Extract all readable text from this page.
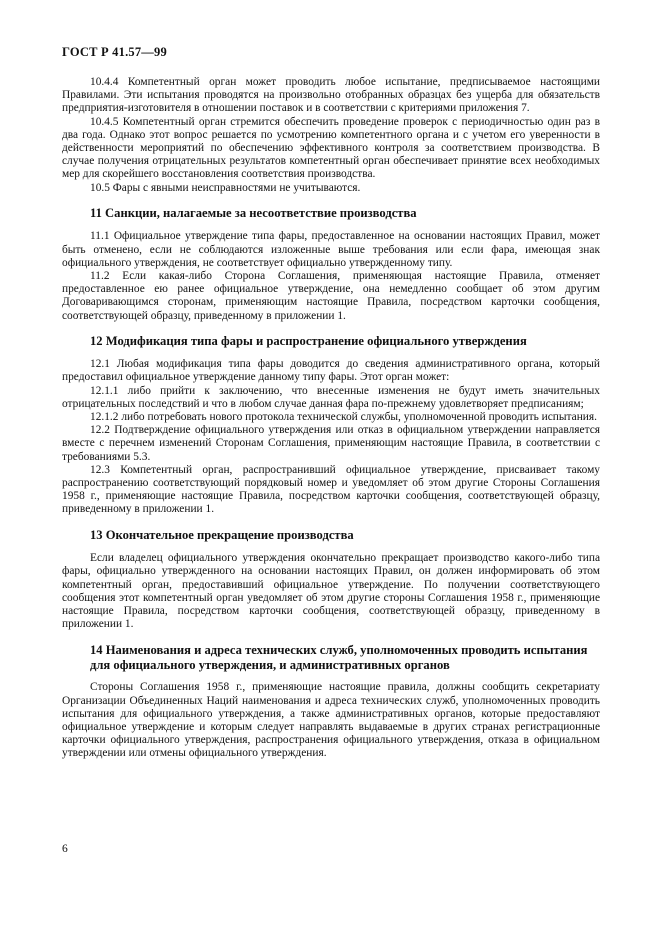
ГОСТ Р 41.57—99

10.4.4 Компетентный орган может проводить любое испытание, предписываемое настоящими Правилами. Эти испытания проводятся на произвольно отобранных образцах без ущерба для обязательств предприятия-изготовителя в отношении поставок и в соответствии с критериями приложения 7.

10.4.5 Компетентный орган стремится обеспечить проведение проверок с периодичностью один раз в два года. Однако этот вопрос решается по усмотрению компетентного органа и с учетом его уверенности в действенности мероприятий по обеспечению эффективного контроля за соответствием производства. В случае получения отрицательных результатов компетентный орган обеспечивает принятие всех необходимых мер для скорейшего восстановления соответствия производства.

10.5 Фары с явными неисправностями не учитываются.

11 Санкции, налагаемые за несоответствие производства

11.1 Официальное утверждение типа фары, предоставленное на основании настоящих Правил, может быть отменено, если не соблюдаются изложенные выше требования или если фара, имеющая знак официального утверждения, не соответствует официально утвержденному типу.

11.2 Если какая-либо Сторона Соглашения, применяющая настоящие Правила, отменяет предоставленное ею ранее официальное утверждение, она немедленно сообщает об этом другим Договаривающимся сторонам, применяющим настоящие Правила, посредством карточки сообщения, соответствующей образцу, приведенному в приложении 1.

12 Модификация типа фары и распространение официального утверждения

12.1 Любая модификация типа фары доводится до сведения административного органа, который предоставил официальное утверждение данному типу фары. Этот орган может:

12.1.1 либо прийти к заключению, что внесенные изменения не будут иметь значительных отрицательных последствий и что в любом случае данная фара по-прежнему удовлетворяет предписаниям;

12.1.2 либо потребовать нового протокола технической службы, уполномоченной проводить испытания.

12.2 Подтверждение официального утверждения или отказ в официальном утверждении направляется вместе с перечнем изменений Сторонам Соглашения, применяющим настоящие Правила, в соответствии с требованиями 5.3.

12.3 Компетентный орган, распространивший официальное утверждение, присваивает такому распространению соответствующий порядковый номер и уведомляет об этом другие Стороны Соглашения 1958 г., применяющие настоящие Правила, посредством карточки сообщения, соответствующей образцу, приведенному в приложении 1.

13 Окончательное прекращение производства

Если владелец официального утверждения окончательно прекращает производство какого-либо типа фары, официально утвержденного на основании настоящих Правил, он должен информировать об этом компетентный орган, предоставивший официальное утверждение. По получении соответствующего сообщения этот компетентный орган уведомляет об этом другие стороны Соглашения 1958 г., применяющие настоящие Правила, посредством карточки сообщения, соответствующей образцу, приведенному в приложении 1.

14 Наименования и адреса технических служб, уполномоченных проводить испытания для официального утверждения, и административных органов

Стороны Соглашения 1958 г., применяющие настоящие правила, должны сообщить секретариату Организации Объединенных Наций наименования и адреса технических служб, уполномоченных проводить испытания для официального утверждения, а также административных органов, которые предоставляют официальное утверждение и которым следует направлять выдаваемые в других странах регистрационные карточки официального утверждения, распространения официального утверждения, отказа в официальном утверждении или отмены официального утверждения.

6
